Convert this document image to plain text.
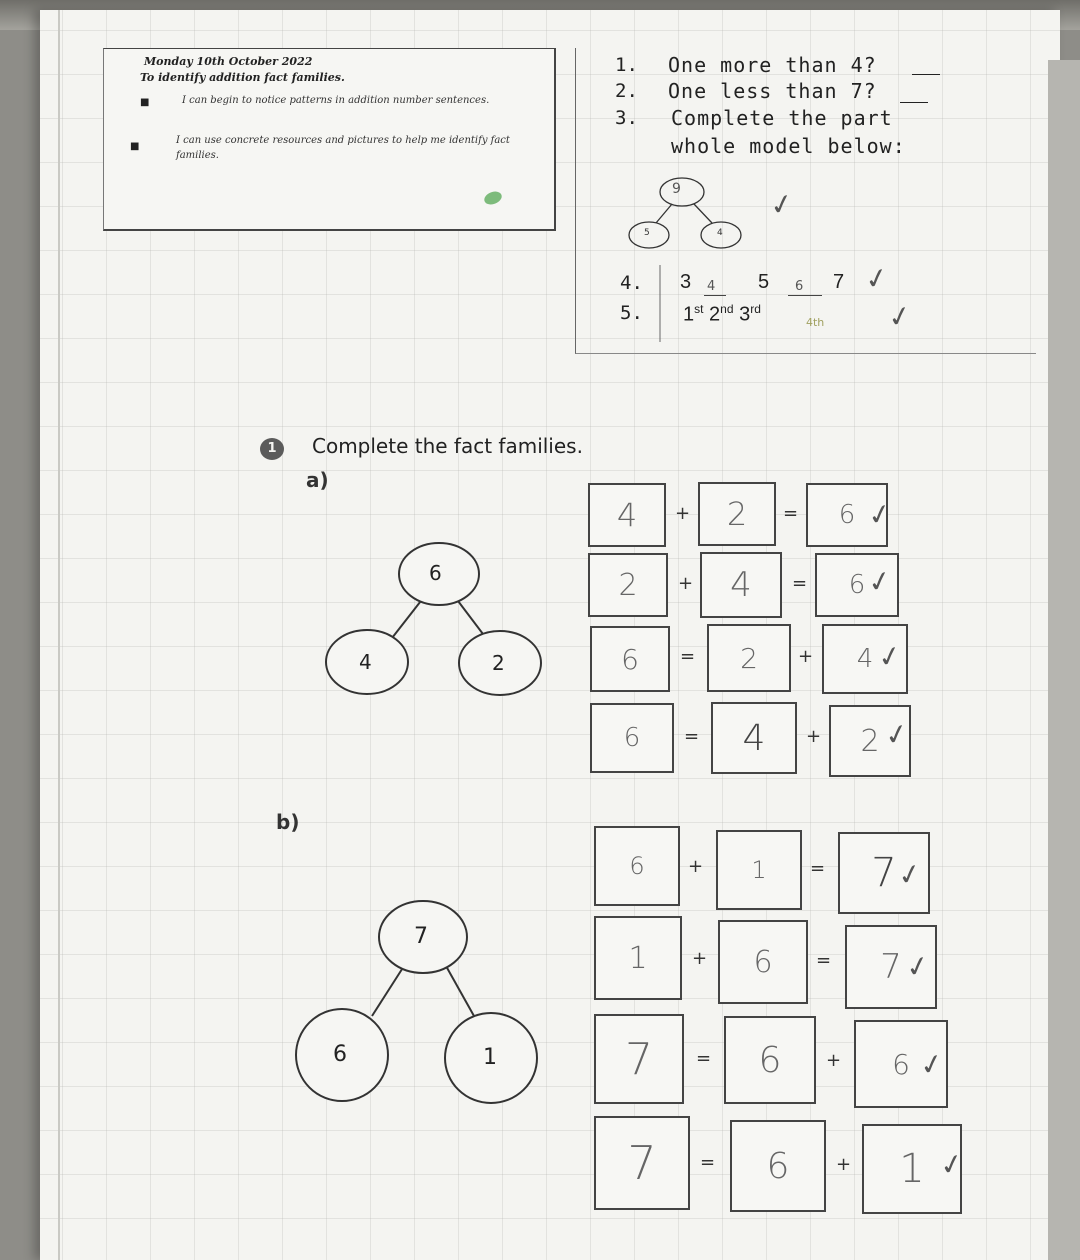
Monday 10th October 2022
To identify addition fact families.
■	I can begin to notice patterns in addition number sentences.
■
I can use concrete resources and pictures to help me identify fact families.
1. One more than 4?
2. One less than 7?
3. Complete the part
whole model below:
9
5	4
✓
4. 3 4 5 6 7 ✓
5. 1st 2nd 3rd
4th ✓
1	Complete the fact families.
a)
b)
6
4	2
7
6	1
4	+	2	=	6 ✓
2	+	4	=	6 ✓
6	=	2	+	4 ✓
6	=	4	+	2 ✓
6	+	1	=	7
✓
1	+	6	=	7 ✓
7	=	6	+	6 ✓
7	=	6	+	1 ✓
